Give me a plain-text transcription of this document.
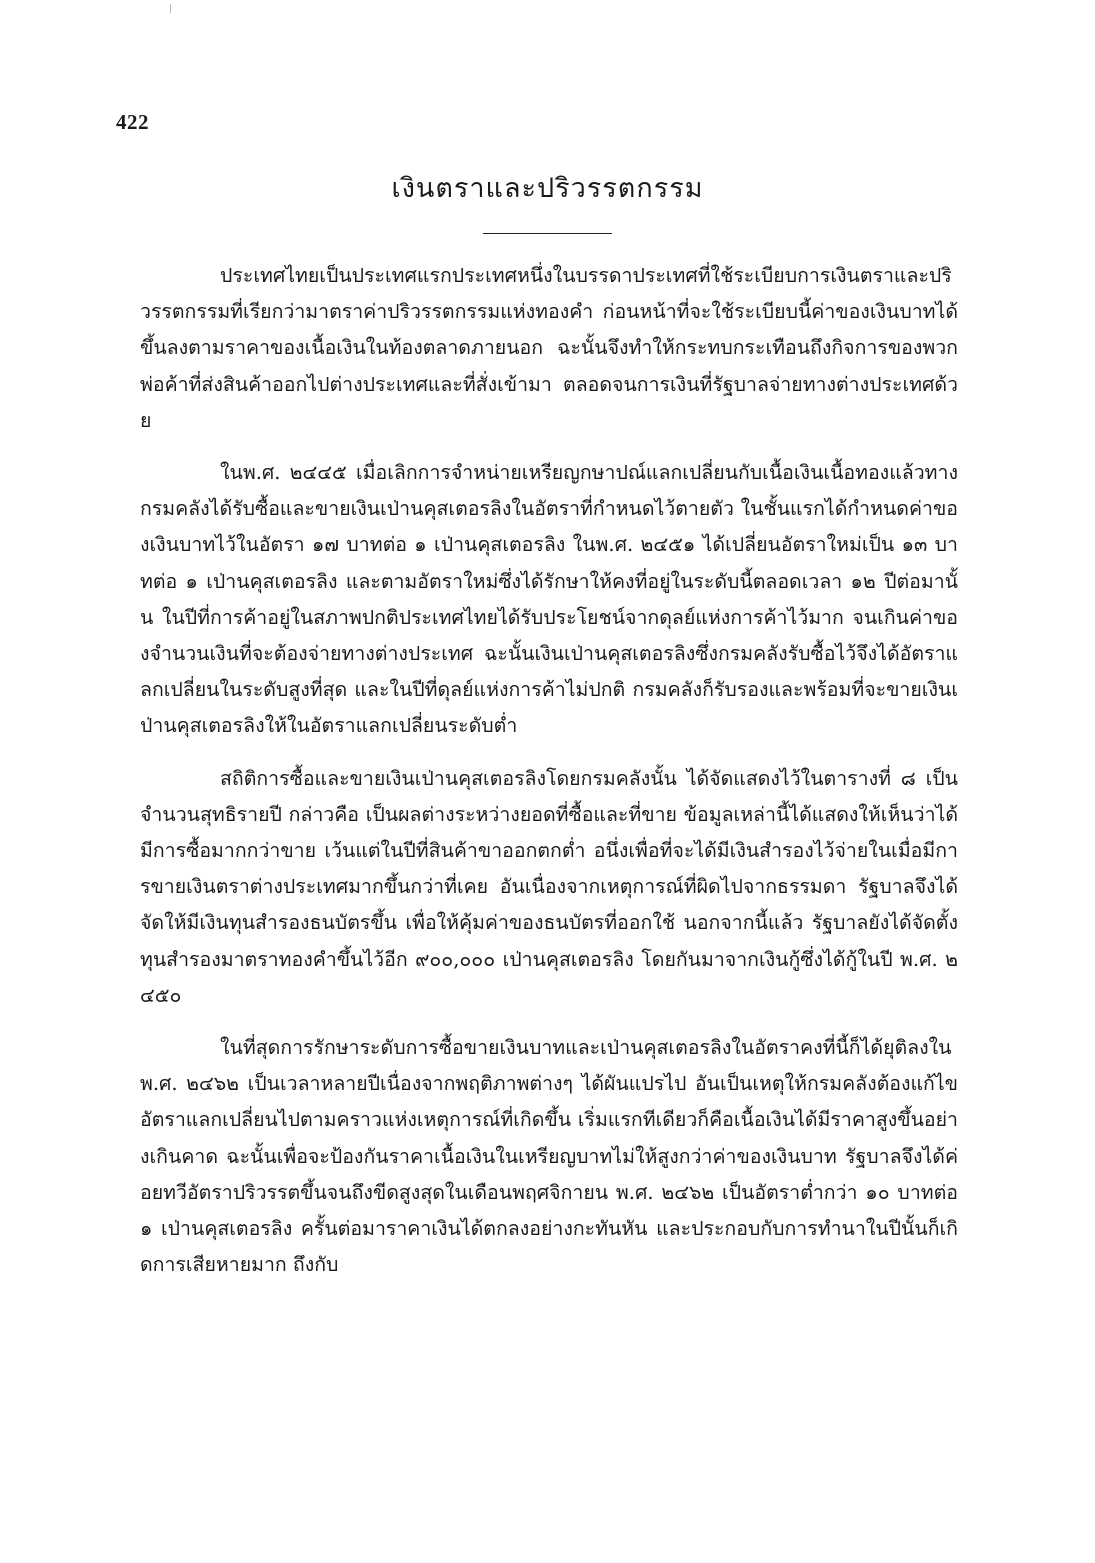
422
เงินตราและปริวรรตกรรม

ประเทศไทยเป็นประเทศแรกประเทศหนึ่งในบรรดาประเทศที่ใช้ระเบียบการเงินตราและปริวรรตกรรมที่เรียกว่ามาตราค่าปริวรรตกรรมแห่งทองคำ ก่อนหน้าที่จะใช้ระเบียบนี้ค่าของเงินบาทได้ขึ้นลงตามราคาของเนื้อเงินในท้องตลาดภายนอก ฉะนั้นจึงทำให้กระทบกระเทือนถึงกิจการของพวกพ่อค้าที่ส่งสินค้าออกไปต่างประเทศและที่สั่งเข้ามา ตลอดจนการเงินที่รัฐบาลจ่ายทางต่างประเทศด้วย

ในพ.ศ. ๒๔๔๕ เมื่อเลิกการจำหน่ายเหรียญกษาปณ์แลกเปลี่ยนกับเนื้อเงินเนื้อทองแล้วทางกรมคลังได้รับซื้อและขายเงินเป่านคุสเตอรลิงในอัตราที่กำหนดไว้ตายตัว ในชั้นแรกได้กำหนดค่าของเงินบาทไว้ในอัตรา ๑๗ บาทต่อ ๑ เป่านคุสเตอรลิง ในพ.ศ. ๒๔๕๑ ได้เปลี่ยนอัตราใหม่เป็น ๑๓ บาทต่อ ๑ เป่านคุสเตอรลิง และตามอัตราใหม่ซึ่งได้รักษาให้คงที่อยู่ในระดับนี้ตลอดเวลา ๑๒ ปีต่อมานั้น ในปีที่การค้าอยู่ในสภาพปกติประเทศไทยได้รับประโยชน์จากดุลย์แห่งการค้าไว้มาก จนเกินค่าของจำนวนเงินที่จะต้องจ่ายทางต่างประเทศ ฉะนั้นเงินเป่านคุสเตอรลิงซึ่งกรมคลังรับซื้อไว้จึงได้อัตราแลกเปลี่ยนในระดับสูงที่สุด และในปีที่ดุลย์แห่งการค้าไม่ปกติ กรมคลังก็รับรองและพร้อมที่จะขายเงินเป่านคุสเตอรลิงให้ในอัตราแลกเปลี่ยนระดับต่ำ

สถิติการซื้อและขายเงินเป่านคุสเตอรลิงโดยกรมคลังนั้น ได้จัดแสดงไว้ในตารางที่ ๘ เป็นจำนวนสุทธิรายปี กล่าวคือ เป็นผลต่างระหว่างยอดที่ซื้อและที่ขาย ข้อมูลเหล่านี้ได้แสดงให้เห็นว่าได้มีการซื้อมากกว่าขาย เว้นแต่ในปีที่สินค้าขาออกตกต่ำ อนึ่งเพื่อที่จะได้มีเงินสำรองไว้จ่ายในเมื่อมีการขายเงินตราต่างประเทศมากขึ้นกว่าที่เคย อันเนื่องจากเหตุการณ์ที่ผิดไปจากธรรมดา รัฐบาลจึงได้จัดให้มีเงินทุนสำรองธนบัตรขึ้น เพื่อให้คุ้มค่าของธนบัตรที่ออกใช้ นอกจากนี้แล้ว รัฐบาลยังได้จัดตั้งทุนสำรองมาตราทองคำขึ้นไว้อีก ๙๐๐,๐๐๐ เป่านคุสเตอรลิง โดยกันมาจากเงินกู้ซึ่งได้กู้ในปี พ.ศ. ๒๔๕๐

ในที่สุดการรักษาระดับการซื้อขายเงินบาทและเป่านคุสเตอรลิงในอัตราคงที่นี้ก็ได้ยุติลงในพ.ศ. ๒๔๖๒ เป็นเวลาหลายปีเนื่องจากพฤติภาพต่างๆ ได้ผันแปรไป อันเป็นเหตุให้กรมคลังต้องแก้ไขอัตราแลกเปลี่ยนไปตามคราวแห่งเหตุการณ์ที่เกิดขึ้น เริ่มแรกทีเดียวก็คือเนื้อเงินได้มีราคาสูงขึ้นอย่างเกินคาด ฉะนั้นเพื่อจะป้องกันราคาเนื้อเงินในเหรียญบาทไม่ให้สูงกว่าค่าของเงินบาท รัฐบาลจึงได้ค่อยทวีอัตราปริวรรตขึ้นจนถึงขีดสูงสุดในเดือนพฤศจิกายน พ.ศ. ๒๔๖๒ เป็นอัตราต่ำกว่า ๑๐ บาทต่อ ๑ เป่านคุสเตอรลิง ครั้นต่อมาราคาเงินได้ตกลงอย่างกะทันหัน และประกอบกับการทำนาในปีนั้นก็เกิดการเสียหายมาก ถึงกับ
